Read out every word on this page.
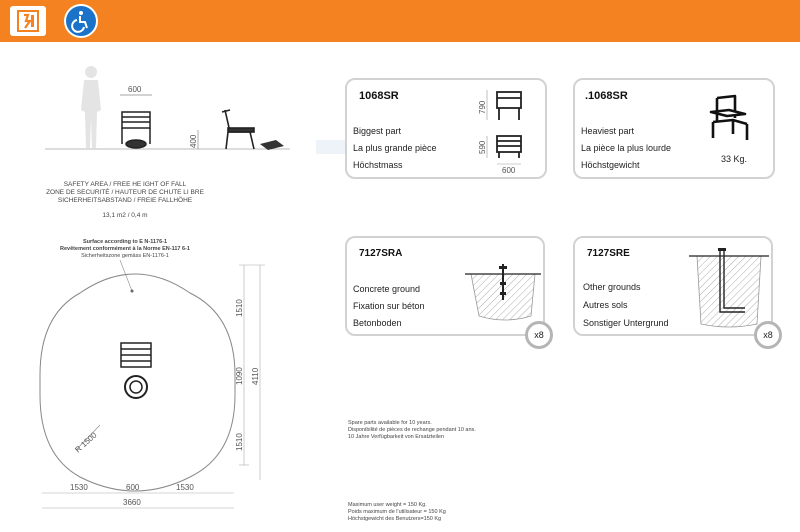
600
400
SAFETY AREA / FREE HE IGHT OF FALL
ZONE DE SECURITÉ / HAUTEUR DE CHUTE LI BRE
SICHERHEITSABSTAND / FREIE FALLHÖHE
13,1 m2 / 0,4 m
Surface according to E N-1176-1
Revêtement conformément à la Norme EN-117 6-1
Sicherheitszone gemäss EN-1176-1
R 1500
1510
1090
1510
4110
1530	600	1530
3660
1068SR
Biggest part
La plus grande pièce
Höchstmass
790
590
600
.1068SR
Heaviest part
La pièce la plus lourde
Höchstgewicht
33 Kg.
7127SRA
Concrete ground
Fixation sur béton
Betonboden
x8
7127SRE
Other grounds
Autres sols
Sonstiger Untergrund
x8
Spare parts available for 10 years.
Disponibilité de pièces de rechange pendant 10 ans.
10 Jahre Verfügbarkeit von Ersatzteilen
Maximum user weight = 150 Kg.
Poids maximum de l'utilisateur = 150 Kg
Höchstgewicht des Benutzers=150 Kg
